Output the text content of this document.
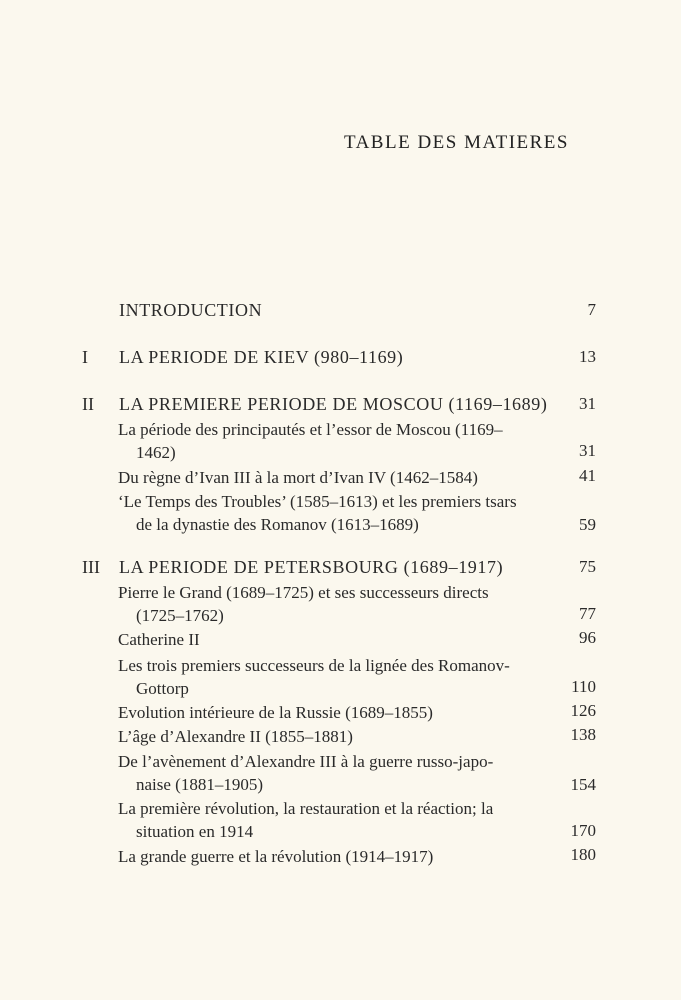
TABLE DES MATIERES
INTRODUCTION	7
I	LA PERIODE DE KIEV (980–1169)	13
II	LA PREMIERE PERIODE DE MOSCOU (1169–1689) 31
La période des principautés et l’essor de Moscou (1169–
1462)	31
Du règne d’Ivan III à la mort d’Ivan IV (1462–1584)	41
‘Le Temps des Troubles’ (1585–1613) et les premiers tsars
de la dynastie des Romanov (1613–1689)	59
III	LA PERIODE DE PETERSBOURG (1689–1917)	75
Pierre le Grand (1689–1725) et ses successeurs directs
(1725–1762)	77
Catherine II	96
Les trois premiers successeurs de la lignée des Romanov-
Gottorp	110
Evolution intérieure de la Russie (1689–1855)	126
L’âge d’Alexandre II (1855–1881)	138
De l’avènement d’Alexandre III à la guerre russo-japo-
naise (1881–1905)	154
La première révolution, la restauration et la réaction; la
situation en 1914	170
La grande guerre et la révolution (1914–1917)	180
